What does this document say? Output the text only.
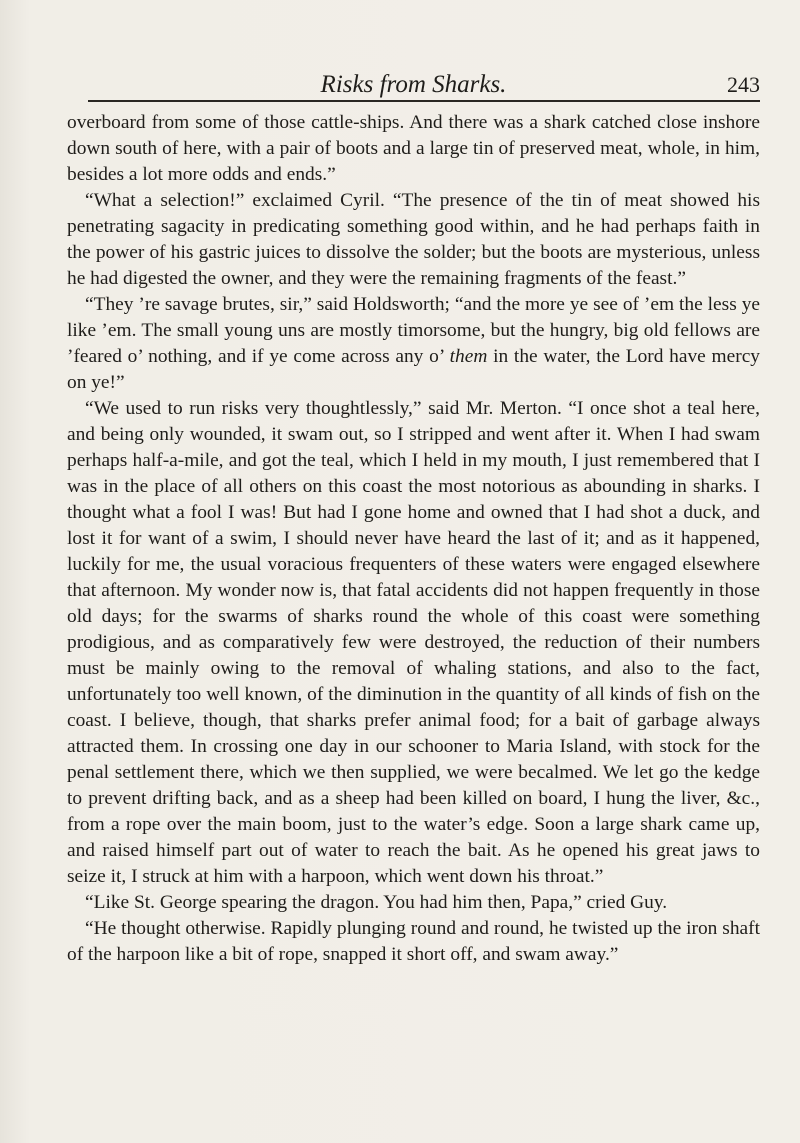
Risks from Sharks.	243

overboard from some of those cattle-ships. And there was a shark catched close inshore down south of here, with a pair of boots and a large tin of preserved meat, whole, in him, besides a lot more odds and ends.”

“What a selection!” exclaimed Cyril. “The presence of the tin of meat showed his penetrating sagacity in predicating something good within, and he had perhaps faith in the power of his gastric juices to dissolve the solder; but the boots are mysterious, unless he had digested the owner, and they were the remaining fragments of the feast.”

“They ’re savage brutes, sir,” said Holdsworth; “and the more ye see of ’em the less ye like ’em. The small young uns are mostly timorsome, but the hungry, big old fellows are ’feared o’ nothing, and if ye come across any o’ them in the water, the Lord have mercy on ye!”

“We used to run risks very thoughtlessly,” said Mr. Merton. “I once shot a teal here, and being only wounded, it swam out, so I stripped and went after it. When I had swam perhaps half-a-mile, and got the teal, which I held in my mouth, I just remembered that I was in the place of all others on this coast the most notorious as abounding in sharks. I thought what a fool I was! But had I gone home and owned that I had shot a duck, and lost it for want of a swim, I should never have heard the last of it; and as it happened, luckily for me, the usual voracious frequenters of these waters were engaged elsewhere that afternoon. My wonder now is, that fatal accidents did not happen frequently in those old days; for the swarms of sharks round the whole of this coast were something prodigious, and as comparatively few were destroyed, the reduction of their numbers must be mainly owing to the removal of whaling stations, and also to the fact, unfortunately too well known, of the diminution in the quantity of all kinds of fish on the coast. I believe, though, that sharks prefer animal food; for a bait of garbage always attracted them. In crossing one day in our schooner to Maria Island, with stock for the penal settlement there, which we then supplied, we were becalmed. We let go the kedge to prevent drifting back, and as a sheep had been killed on board, I hung the liver, &c., from a rope over the main boom, just to the water’s edge. Soon a large shark came up, and raised himself part out of water to reach the bait. As he opened his great jaws to seize it, I struck at him with a harpoon, which went down his throat.”

“Like St. George spearing the dragon. You had him then, Papa,” cried Guy.

“He thought otherwise. Rapidly plunging round and round, he twisted up the iron shaft of the harpoon like a bit of rope, snapped it short off, and swam away.”
